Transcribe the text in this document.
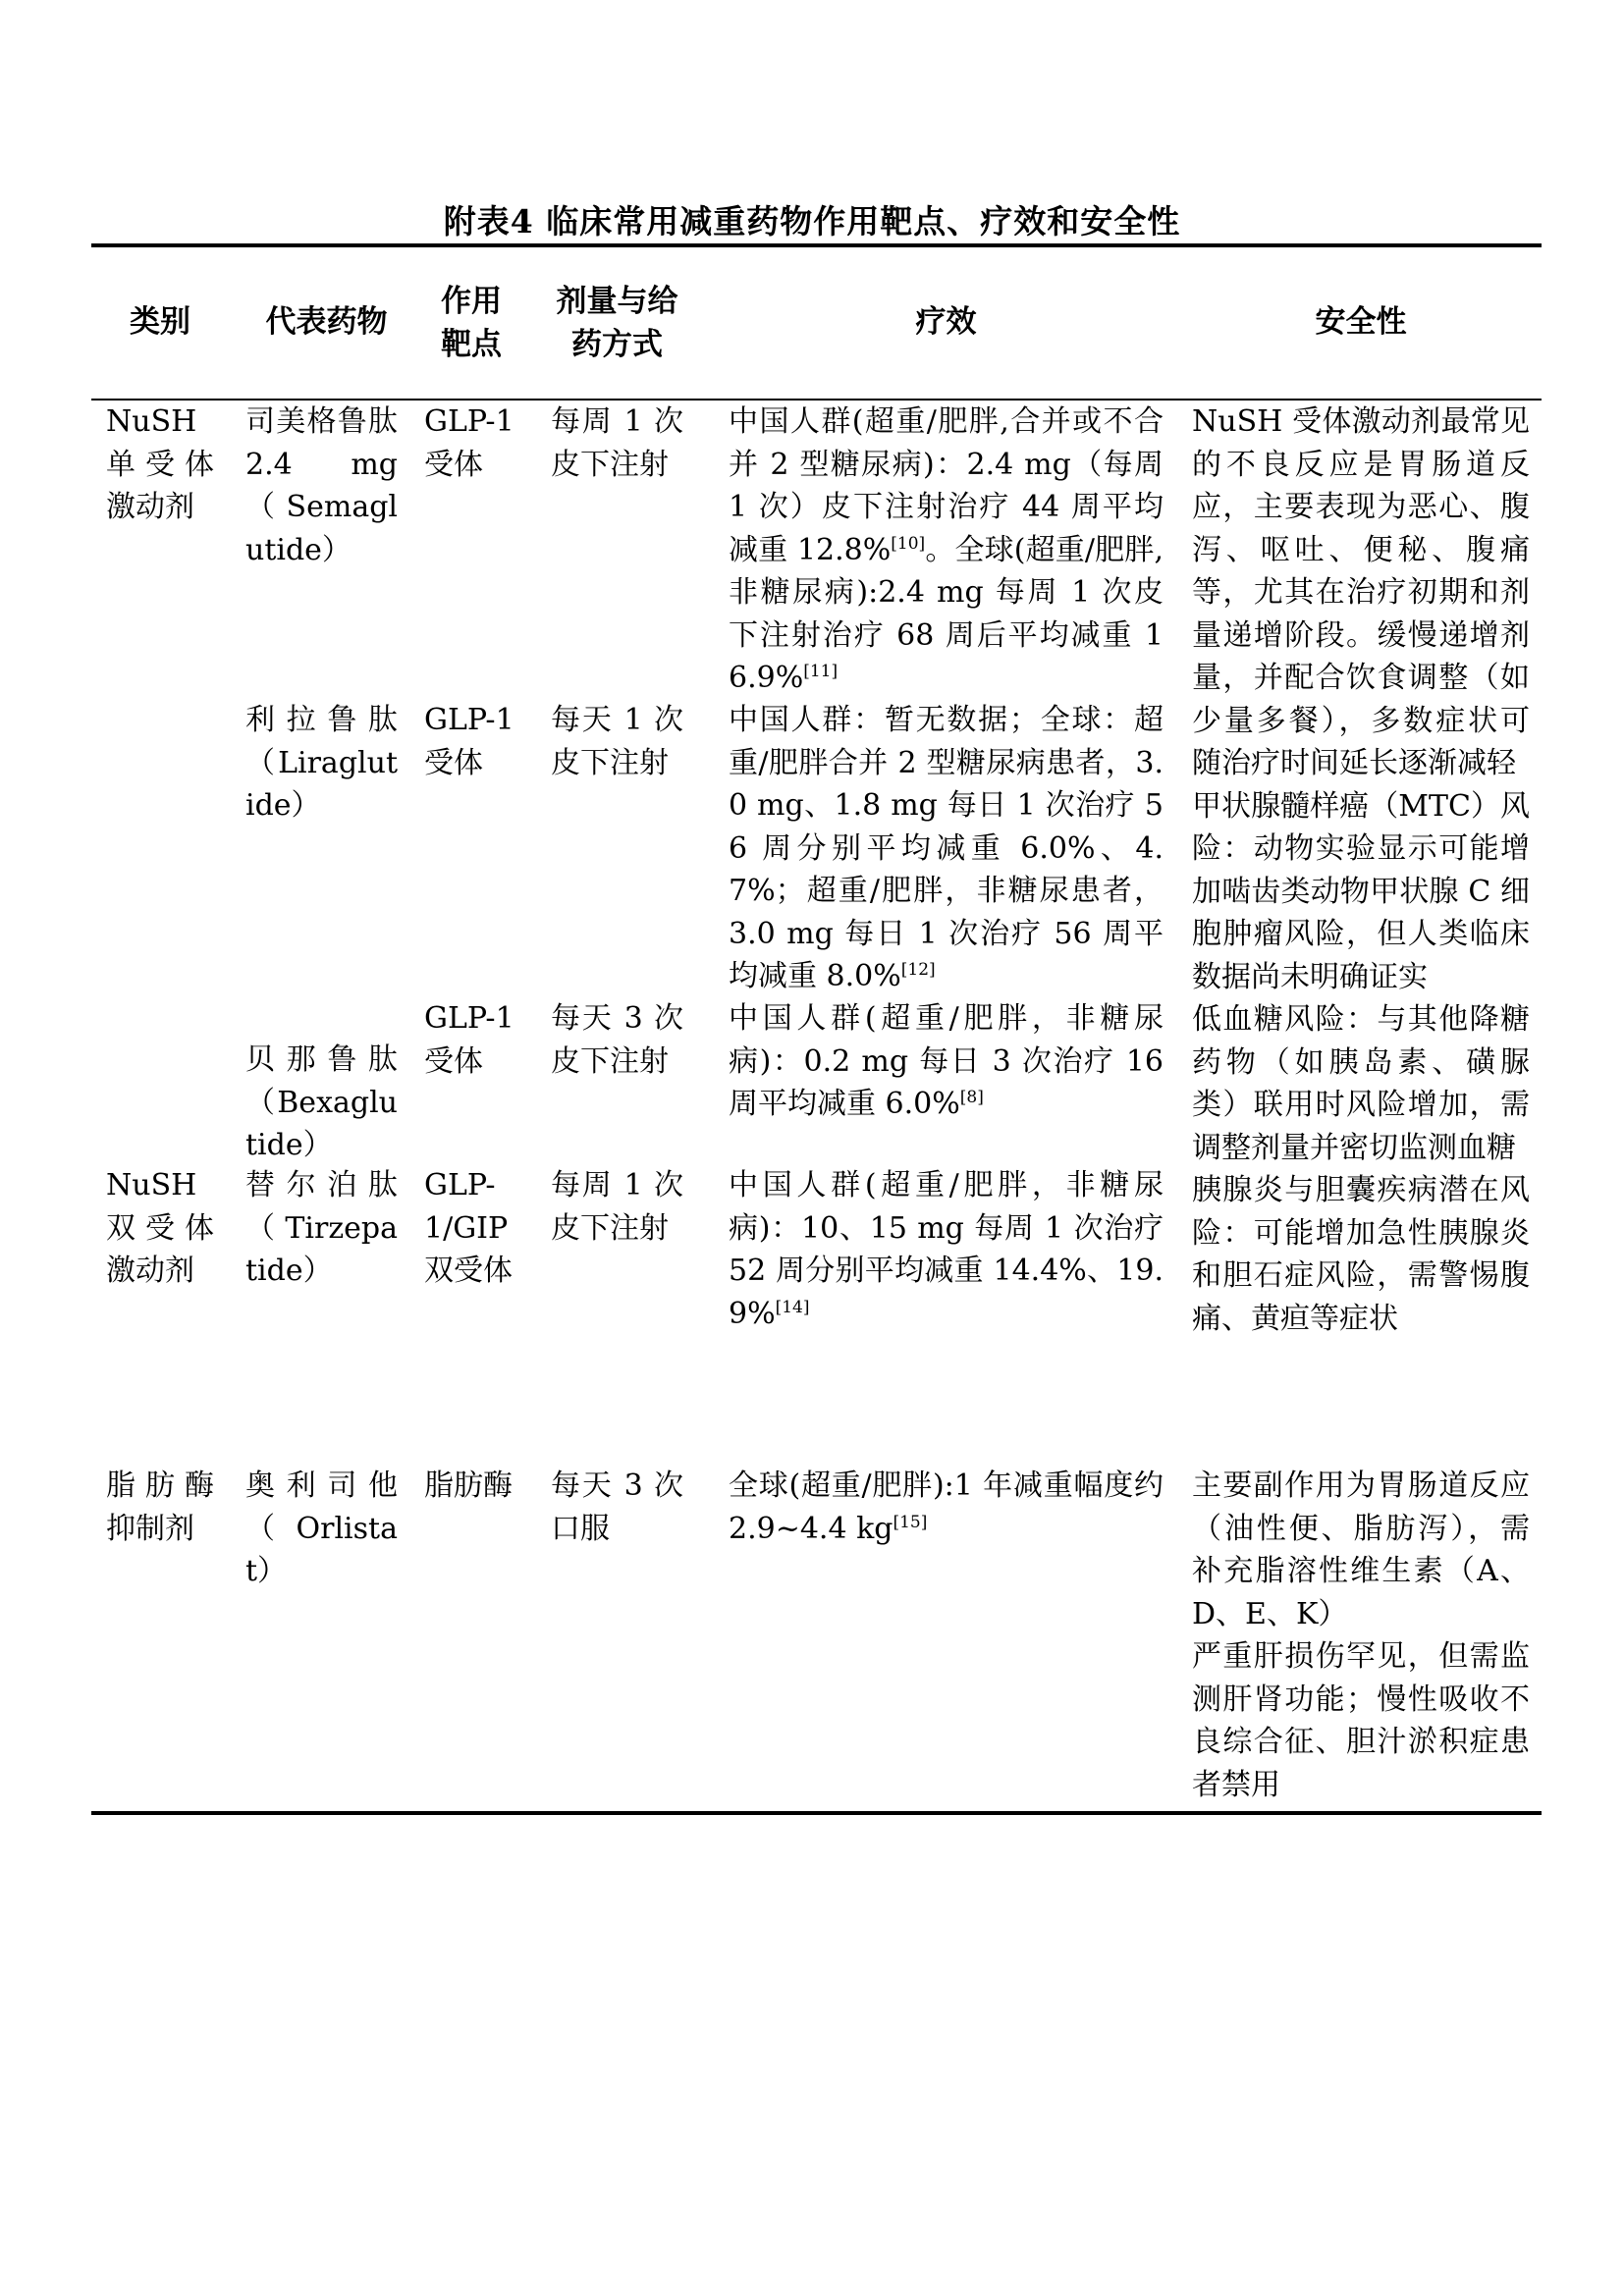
附表4 临床常用减重药物作用靶点、疗效和安全性
类别	代表药物
作用靶点
剂量与给药方式
疗效	安全性
NuSH 单受体激动剂
司美格鲁肽 2.4 mg（Semaglutide）
GLP-1 受体
每周 1 次皮下注射
中国人群(超重/肥胖,合并或不合并 2 型糖尿病)：2.4 mg（每周 1 次）皮下注射治疗 44 周平均减重 12.8%[10]。全球(超重/肥胖,非糖尿病):2.4 mg 每周 1 次皮下注射治疗 68 周后平均减重 16.9%[11]
NuSH 受体激动剂最常见的不良反应是胃肠道反应，主要表现为恶心、腹泻、呕吐、便秘、腹痛等，尤其在治疗初期和剂量递增阶段。缓慢递增剂量，并配合饮食调整（如少量多餐），多数症状可随治疗时间延长逐渐减轻
甲状腺髓样癌（MTC）风险：动物实验显示可能增加啮齿类动物甲状腺 C 细胞肿瘤风险，但人类临床数据尚未明确证实
低血糖风险：与其他降糖药物（如胰岛素、磺脲类）联用时风险增加，需调整剂量并密切监测血糖
胰腺炎与胆囊疾病潜在风险：可能增加急性胰腺炎和胆石症风险，需警惕腹痛、黄疸等症状
利拉鲁肽（Liraglutide）
GLP-1 受体
每天 1 次皮下注射
中国人群：暂无数据；全球：超重/肥胖合并 2 型糖尿病患者，3.0 mg、1.8 mg 每日 1 次治疗 56 周分别平均减重 6.0%、4.7%；超重/肥胖，非糖尿患者，3.0 mg 每日 1 次治疗 56 周平均减重 8.0%[12]
贝那鲁肽（Bexaglutide）
GLP-1 受体
每天 3 次皮下注射
中国人群(超重/肥胖，非糖尿病)：0.2 mg 每日 3 次治疗 16 周平均减重 6.0%[8]
NuSH 双受体激动剂
替尔泊肽（Tirzepatide）
GLP-1/GIP 双受体
每周 1 次皮下注射
中国人群(超重/肥胖，非糖尿病)：10、15 mg 每周 1 次治疗 52 周分别平均减重 14.4%、19.9%[14]
脂肪酶抑制剂
奥利司他（Orlistat）
脂肪酶 每天 3 次口服
全球(超重/肥胖):1 年减重幅度约 2.9~4.4 kg[15]
主要副作用为胃肠道反应（油性便、脂肪泻），需补充脂溶性维生素（A、D、E、K）
严重肝损伤罕见，但需监测肝肾功能；慢性吸收不良综合征、胆汁淤积症患者禁用
